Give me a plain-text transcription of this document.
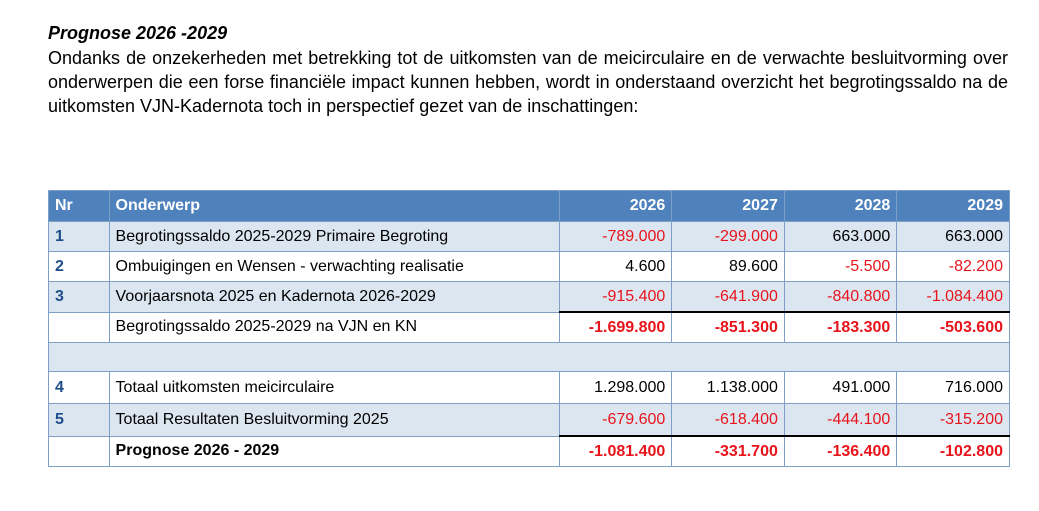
Prognose 2026 -2029

Ondanks de onzekerheden met betrekking tot de uitkomsten van de meicirculaire en de verwachte besluitvorming over onderwerpen die een forse financiële impact kunnen hebben, wordt in onderstaand overzicht het begrotingssaldo na de uitkomsten VJN-Kadernota toch in perspectief gezet van de inschattingen:

Nr	Onderwerp	2026	2027	2028	2029
1	Begrotingssaldo 2025-2029 Primaire Begroting	-789.000	-299.000	663.000	663.000
2	Ombuigingen en Wensen - verwachting realisatie	4.600	89.600	-5.500	-82.200
3	Voorjaarsnota 2025 en Kadernota 2026-2029	-915.400	-641.900	-840.800	-1.084.400
	Begrotingssaldo 2025-2029 na VJN en KN	-1.699.800	-851.300	-183.300	-503.600

4	Totaal uitkomsten meicirculaire	1.298.000	1.138.000	491.000	716.000
5	Totaal Resultaten Besluitvorming 2025	-679.600	-618.400	-444.100	-315.200
	Prognose 2026 - 2029	-1.081.400	-331.700	-136.400	-102.800
